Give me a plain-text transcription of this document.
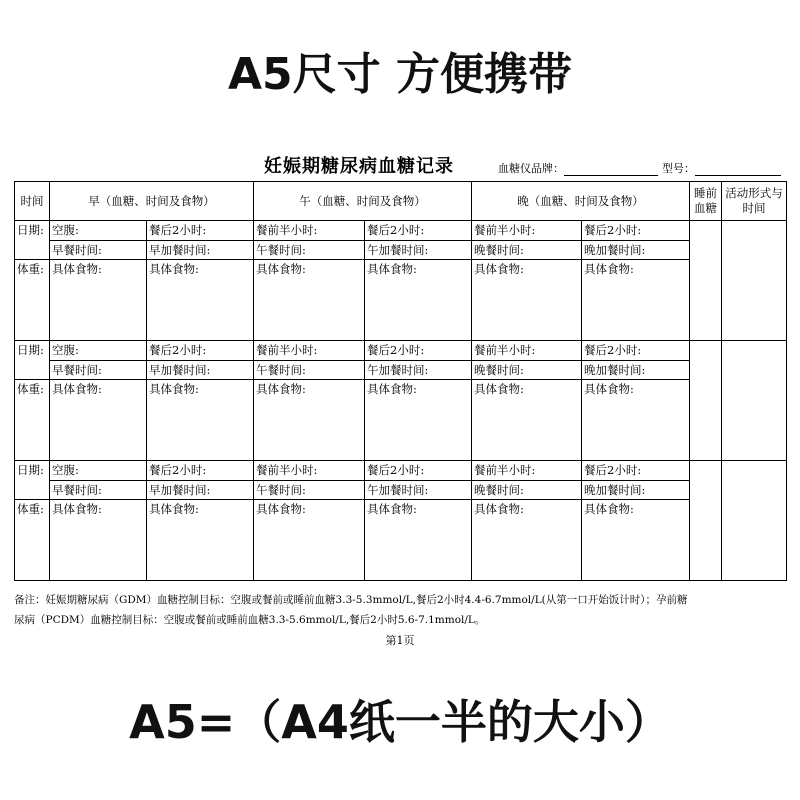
A5尺寸 方便携带
妊娠期糖尿病血糖记录	血糖仪品牌：	型号：
时间	早（血糖、时间及食物）		午（血糖、时间及食物）		晚（血糖、时间及食物）		睡前血糖	活动形式与时间
日期:	空腹:	餐后2小时:	餐前半小时:	餐后2小时:	餐前半小时:	餐后2小时:		
	早餐时间:	早加餐时间:	午餐时间:	午加餐时间:	晚餐时间:	晚加餐时间:		
体重:	具体食物:	具体食物:	具体食物:	具体食物:	具体食物:	具体食物:		
日期:	空腹:	餐后2小时:	餐前半小时:	餐后2小时:	餐前半小时:	餐后2小时:		
	早餐时间:	早加餐时间:	午餐时间:	午加餐时间:	晚餐时间:	晚加餐时间:		
体重:	具体食物:	具体食物:	具体食物:	具体食物:	具体食物:	具体食物:		
日期:	空腹:	餐后2小时:	餐前半小时:	餐后2小时:	餐前半小时:	餐后2小时:		
	早餐时间:	早加餐时间:	午餐时间:	午加餐时间:	晚餐时间:	晚加餐时间:		
体重:	具体食物:	具体食物:	具体食物:	具体食物:	具体食物:	具体食物:		
备注：妊娠期糖尿病（GDM）血糖控制目标：空腹或餐前或睡前血糖3.3-5.3mmol/L,餐后2小时4.4-6.7mmol/L(从第一口开始饭计时）；孕前糖
尿病（PCDM）血糖控制目标：空腹或餐前或睡前血糖3.3-5.6mmol/L,餐后2小时5.6-7.1mmol/L。
第1页
A5=（A4纸一半的大小）
